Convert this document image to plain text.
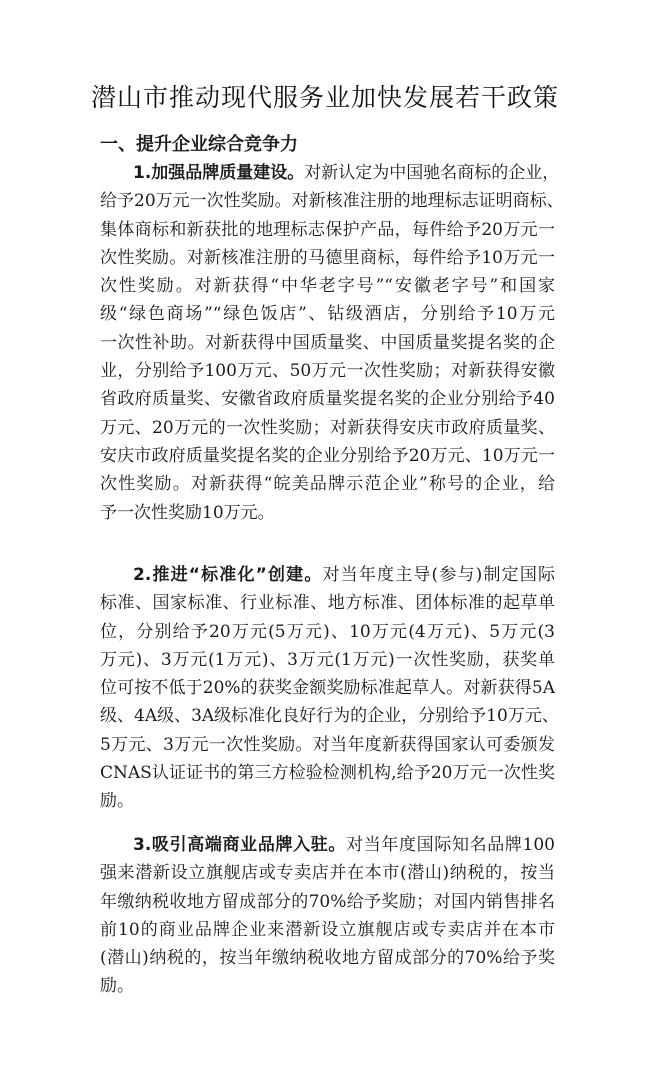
潜山市推动现代服务业加快发展若干政策
一、提升企业综合竞争力
1.加强品牌质量建设。对新认定为中国驰名商标的企业，
给予20万元一次性奖励。对新核准注册的地理标志证明商标、
集体商标和新获批的地理标志保护产品，每件给予20万元一
次性奖励。对新核准注册的马德里商标，每件给予10万元一
次性奖励。对新获得“中华老字号”“安徽老字号”和国家
级“绿色商场”“绿色饭店”、钻级酒店，分别给予10万元
一次性补助。对新获得中国质量奖、中国质量奖提名奖的企
业，分别给予100万元、50万元一次性奖励；对新获得安徽
省政府质量奖、安徽省政府质量奖提名奖的企业分别给予40
万元、20万元的一次性奖励；对新获得安庆市政府质量奖、
安庆市政府质量奖提名奖的企业分别给予20万元、10万元一
次性奖励。对新获得“皖美品牌示范企业”称号的企业，给
予一次性奖励10万元。
2.推进“标准化”创建。对当年度主导(参与)制定国际
标准、国家标准、行业标准、地方标准、团体标准的起草单
位，分别给予20万元(5万元)、10万元(4万元)、5万元(3
万元)、3万元(1万元)、3万元(1万元)一次性奖励，获奖单
位可按不低于20%的获奖金额奖励标准起草人。对新获得5A
级、4A级、3A级标准化良好行为的企业，分别给予10万元、
5万元、3万元一次性奖励。对当年度新获得国家认可委颁发
CNAS认证证书的第三方检验检测机构,给予20万元一次性奖
励。
3.吸引高端商业品牌入驻。对当年度国际知名品牌100
强来潜新设立旗舰店或专卖店并在本市(潜山)纳税的，按当
年缴纳税收地方留成部分的70%给予奖励；对国内销售排名
前10的商业品牌企业来潜新设立旗舰店或专卖店并在本市
(潜山)纳税的，按当年缴纳税收地方留成部分的70%给予奖
励。
